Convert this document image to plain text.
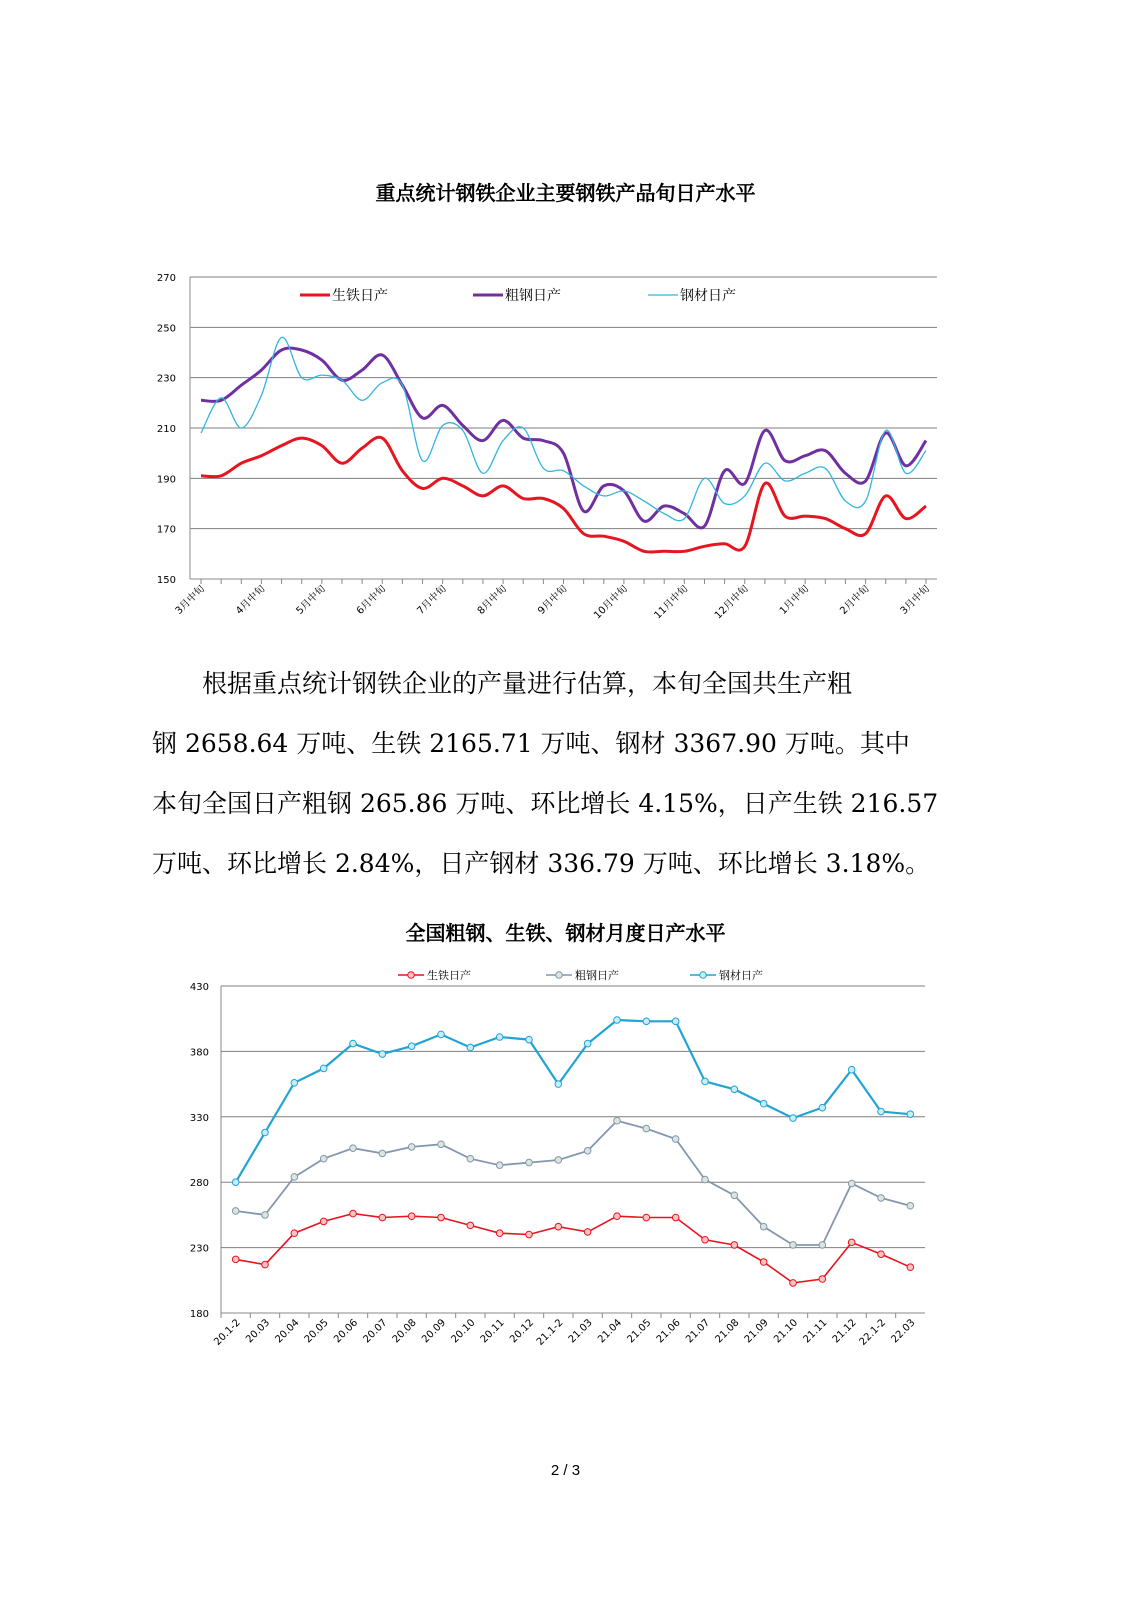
重点统计钢铁企业主要钢铁产品旬日产水平
150
170
190
210
230
250
270
3月中旬	4月中旬	5月中旬	6月中旬	7月中旬	8月中旬	9月中旬 10月中旬 11月中旬 12月中旬	1月中旬	2月中旬	3月中旬
生铁日产	粗钢日产	钢材日产

　　根据重点统计钢铁企业的产量进行估算，本旬全国共生产粗

钢 2658.64 万吨、生铁 2165.71 万吨、钢材 3367.90 万吨。其中

本旬全国日产粗钢 265.86 万吨、环比增长 4.15%，日产生铁 216.57

万吨、环比增长 2.84%，日产钢材 336.79 万吨、环比增长 3.18%。

全国粗钢、生铁、钢材月度日产水平
180
230
280
330
380
430
20.1-2 20.03 20.04 20.05 20.06 20.07 20.08 20.09 20.10 20.11 20.12
21.1-2 21.03 21.04 21.05 21.06 21.07 21.08 21.09 21.10 21.11 21.12
22.1-2 22.03
生铁日产	粗钢日产	钢材日产
2 / 3
